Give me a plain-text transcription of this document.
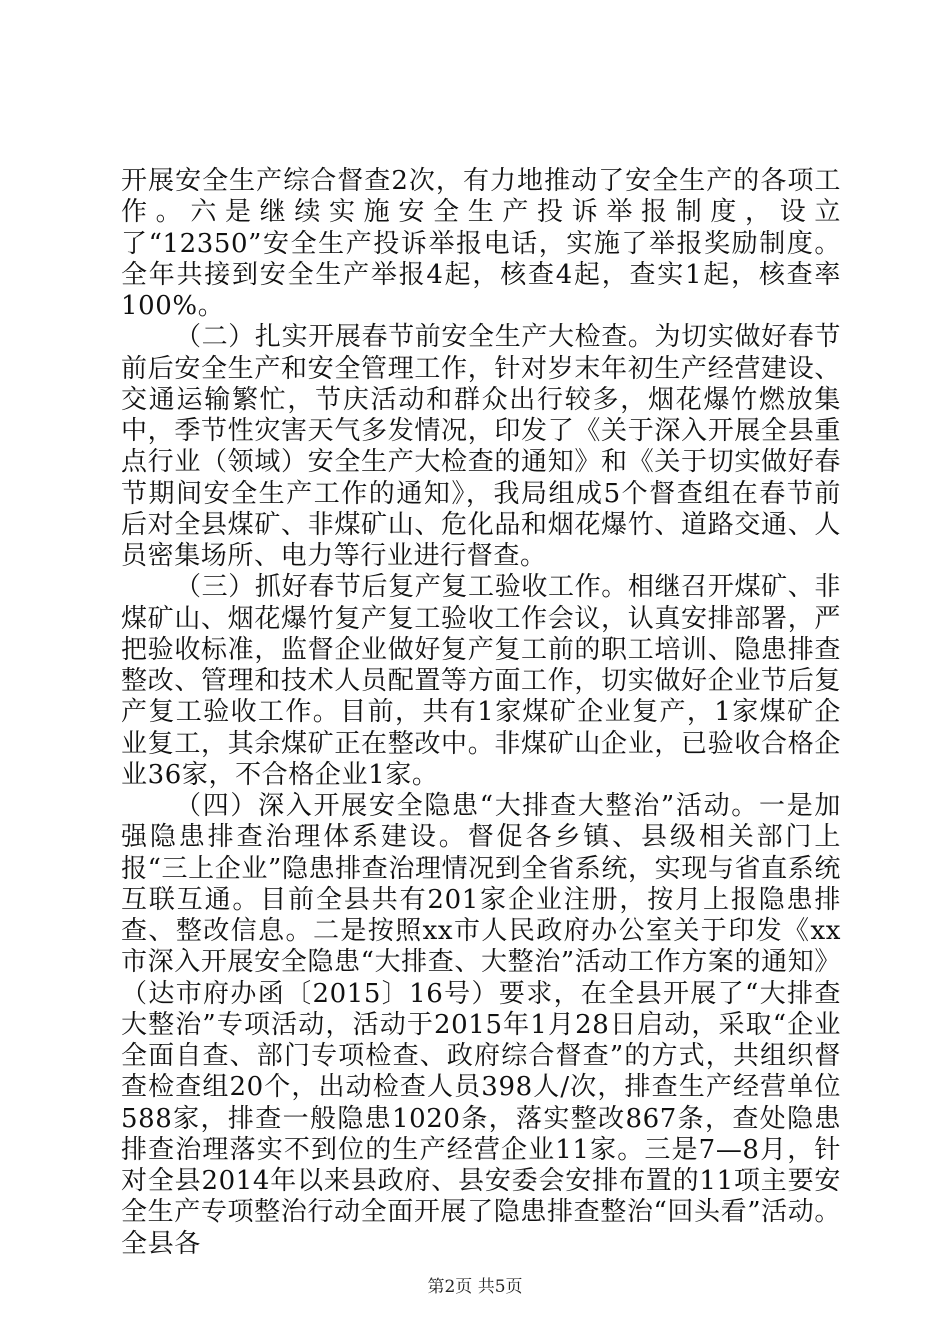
开展安全生产综合督查2次，有力地推动了安全生产的各项工作。六是继续实施安全生产投诉举报制度，设立了“12350”安全生产投诉举报电话，实施了举报奖励制度。全年共接到安全生产举报4起，核查4起，查实1起，核查率100%。

（二）扎实开展春节前安全生产大检查。为切实做好春节前后安全生产和安全管理工作，针对岁末年初生产经营建设、交通运输繁忙，节庆活动和群众出行较多，烟花爆竹燃放集中，季节性灾害天气多发情况，印发了《关于深入开展全县重点行业（领域）安全生产大检查的通知》和《关于切实做好春节期间安全生产工作的通知》，我局组成5个督查组在春节前后对全县煤矿、非煤矿山、危化品和烟花爆竹、道路交通、人员密集场所、电力等行业进行督查。

（三）抓好春节后复产复工验收工作。相继召开煤矿、非煤矿山、烟花爆竹复产复工验收工作会议，认真安排部署，严把验收标准，监督企业做好复产复工前的职工培训、隐患排查整改、管理和技术人员配置等方面工作，切实做好企业节后复产复工验收工作。目前，共有1家煤矿企业复产，1家煤矿企业复工，其余煤矿正在整改中。非煤矿山企业，已验收合格企业36家，不合格企业1家。

（四）深入开展安全隐患“大排查大整治”活动。一是加强隐患排查治理体系建设。督促各乡镇、县级相关部门上报“三上企业”隐患排查治理情况到全省系统，实现与省直系统互联互通。目前全县共有201家企业注册，按月上报隐患排查、整改信息。二是按照xx市人民政府办公室关于印发《xx市深入开展安全隐患“大排查、大整治”活动工作方案的通知》（达市府办函〔2015〕16号）要求，在全县开展了“大排查大整治”专项活动，活动于2015年1月28日启动，采取“企业全面自查、部门专项检查、政府综合督查”的方式，共组织督查检查组20个，出动检查人员398人/次，排查生产经营单位588家，排查一般隐患1020条，落实整改867条，查处隐患排查治理落实不到位的生产经营企业11家。三是7—8月，针对全县2014年以来县政府、县安委会安排布置的11项主要安全生产专项整治行动全面开展了隐患排查整治“回头看”活动。全县各

第2页 共5页
